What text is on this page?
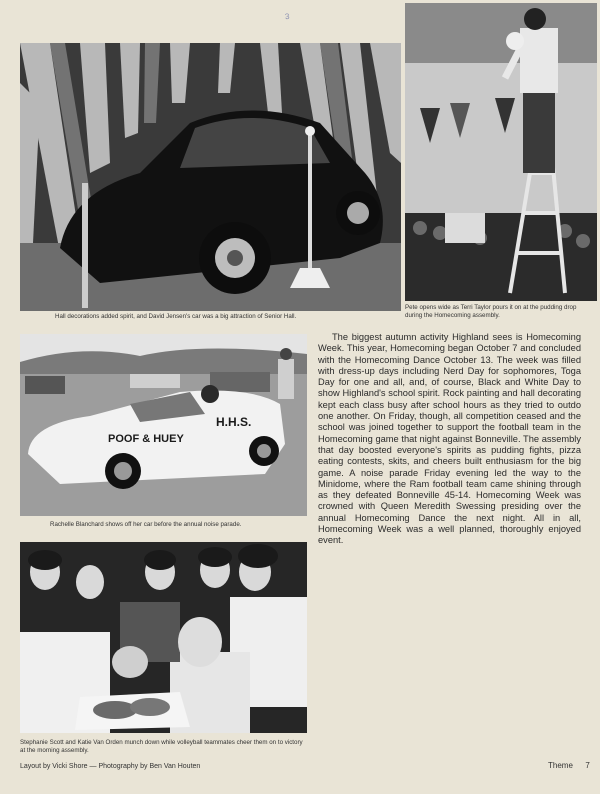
3

Hall decorations added spirit, and David Jensen's car was a big attraction of Senior Hall.

Pete opens wide as Terri Taylor pours it on at the pudding drop during the Homecoming assembly.

POOF & HUEY
H.H.S.

Rachelle Blanchard shows off her car before the annual noise parade.

Stephanie Scott and Katie Van Orden munch down while volleyball teammates cheer them on to victory at the morning assembly.

The biggest autumn activity Highland sees is Homecoming Week. This year, Homecoming began October 7 and concluded with the Homecoming Dance October 13. The week was filled with dress-up days including Nerd Day for sophomores, Toga Day for one and all, and, of course, Black and White Day to show Highland's school spirit. Rock painting and hall decorating kept each class busy after school hours as they tried to outdo one another. On Friday, though, all competition ceased and the school was joined together to support the football team in the Homecoming game that night against Bonneville. The assembly that day boosted everyone's spirits as pudding fights, pizza eating contests, skits, and cheers built enthusiasm for the big game. A noise parade Friday evening led the way to the Minidome, where the Ram football team came shining through as they defeated Bonneville 45-14. Homecoming Week was crowned with Queen Meredith Swessing presiding over the annual Homecoming Dance the next night. All in all, Homecoming Week was a well planned, thoroughly enjoyed event.

Layout by Vicki Shore — Photography by Ben Van Houten	Theme 7
